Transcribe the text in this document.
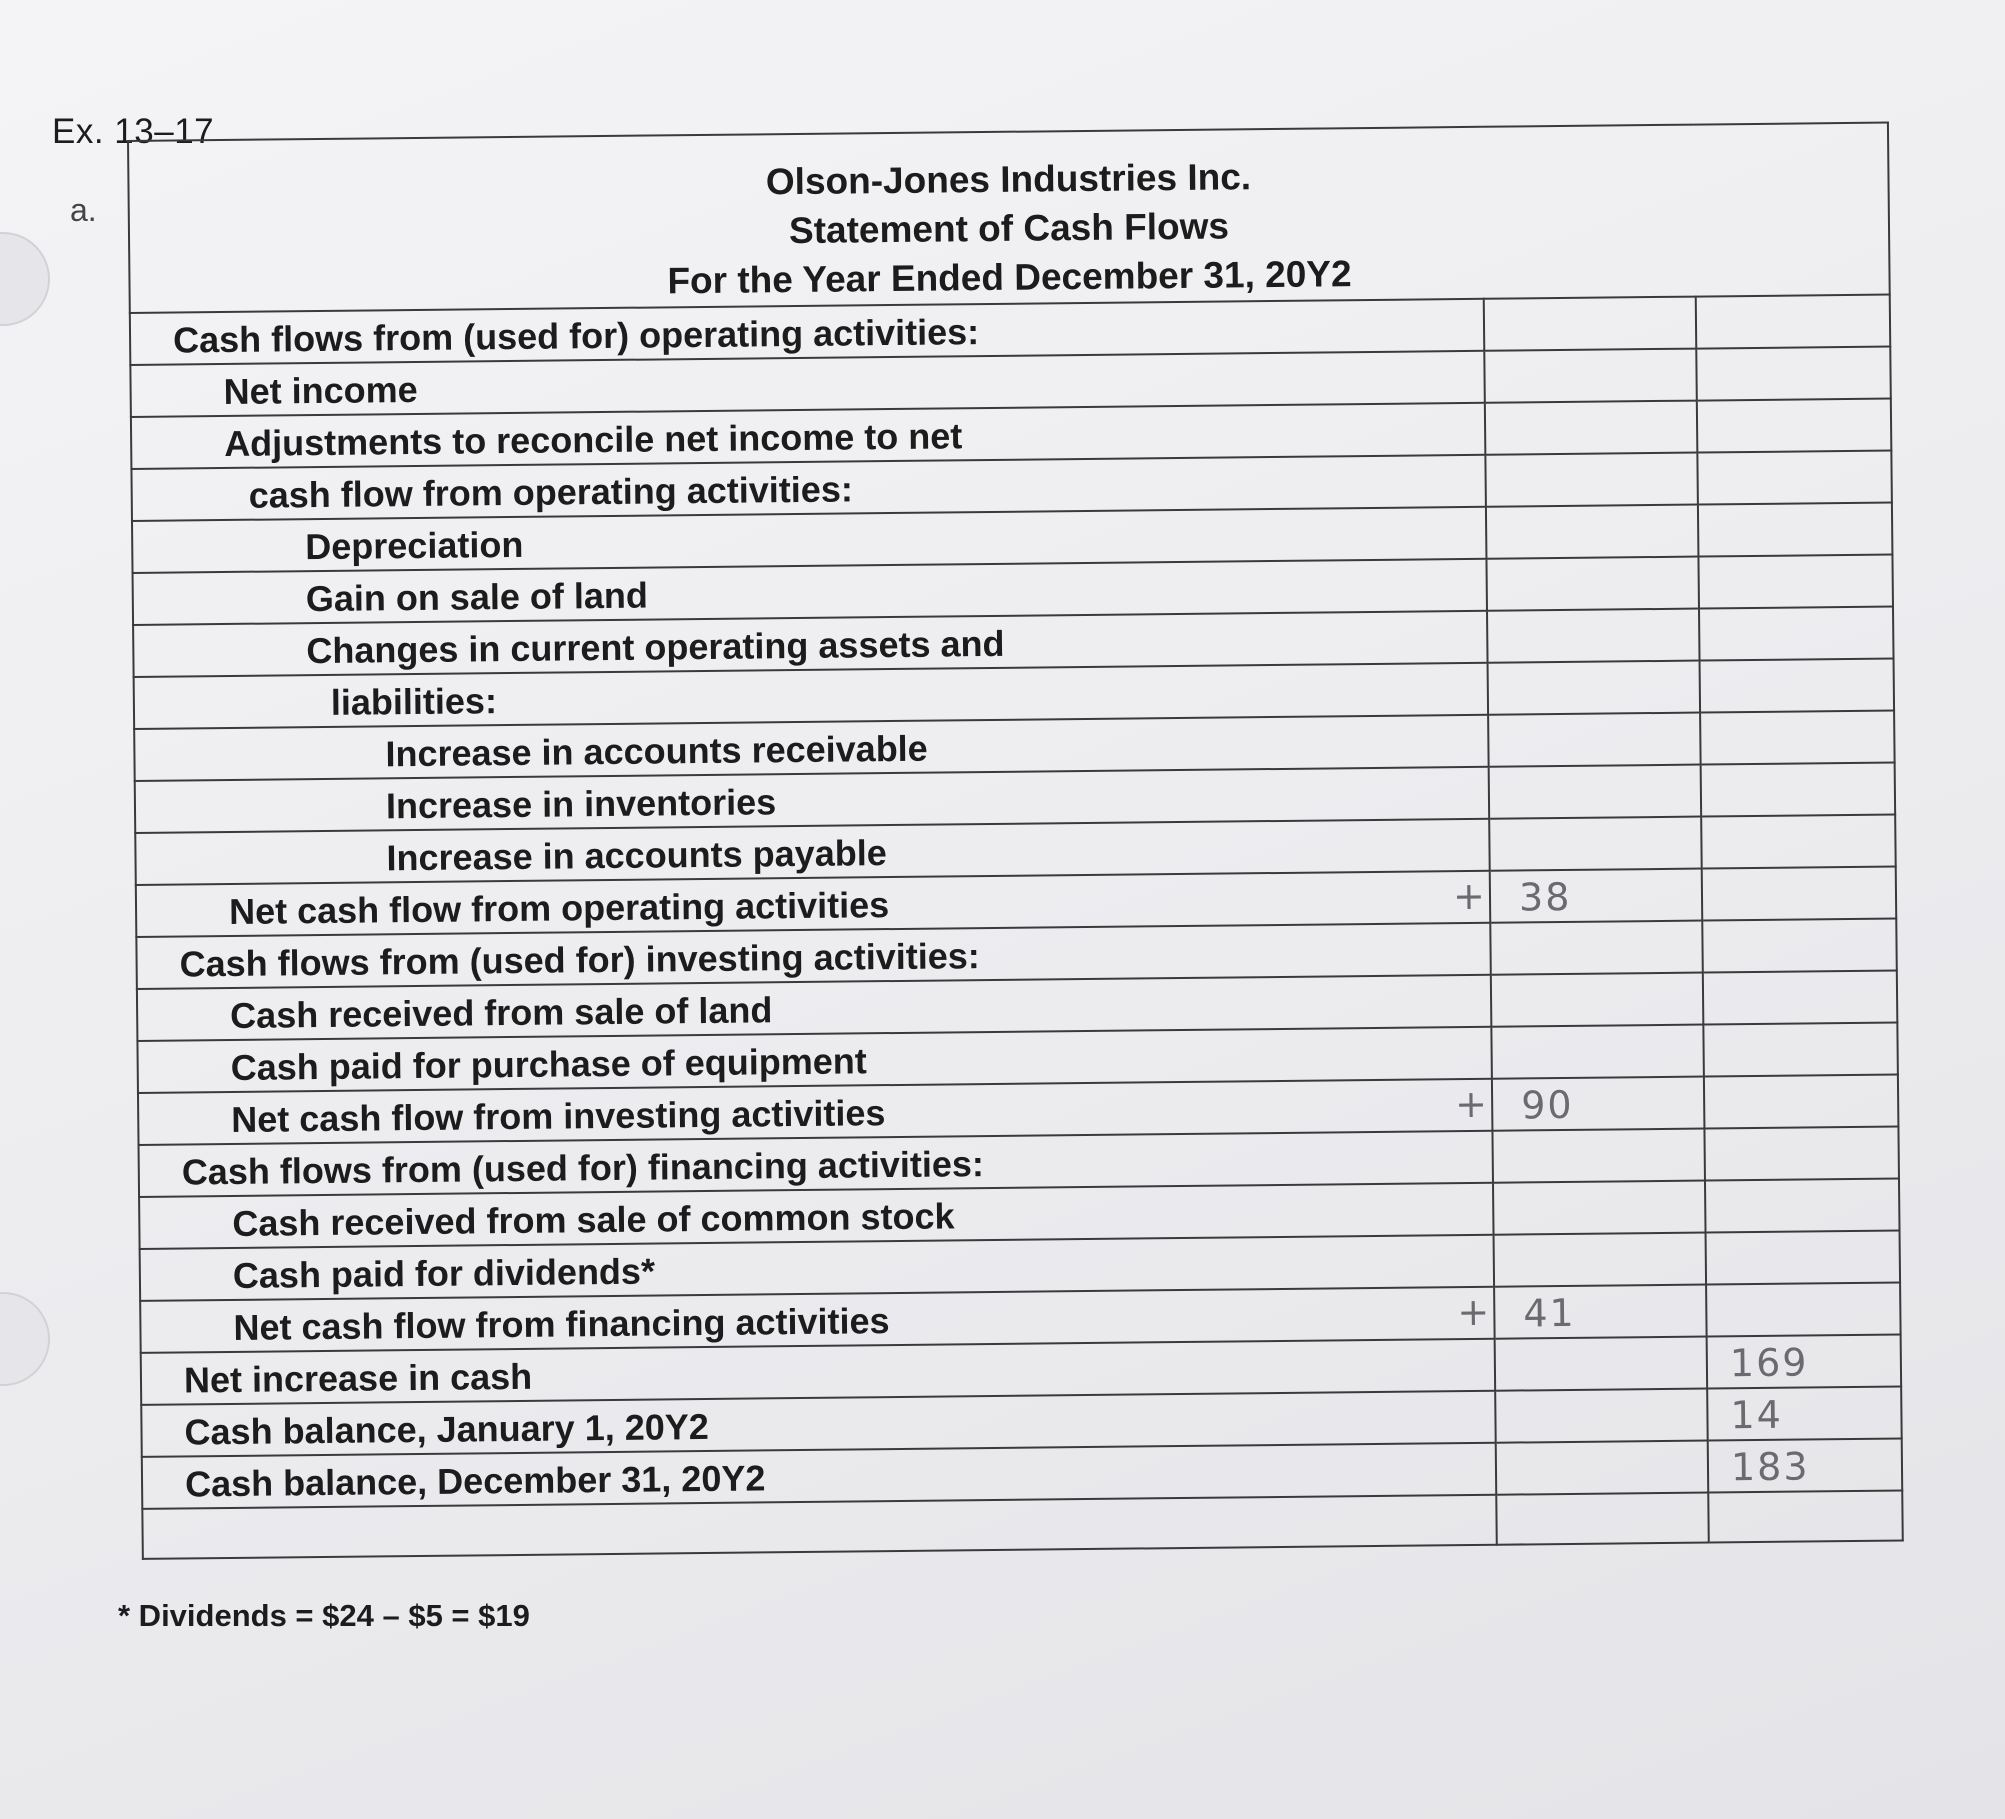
Ex. 13–17
a.
Olson-Jones Industries Inc.
Statement of Cash Flows
For the Year Ended December 31, 20Y2		

Cash flows from (used for) operating activities:		
Net income		
Adjustments to reconcile net income to net		
cash flow from operating activities:		
Depreciation		
Gain on sale of land		
Changes in current operating assets and		
liabilities:		
Increase in accounts receivable		
Increase in inventories		
Increase in accounts payable		
Net cash flow from operating activities	+ 38	

Cash flows from (used for) investing activities:		
Cash received from sale of land		
Cash paid for purchase of equipment		
Net cash flow from investing activities	+ 90	

Cash flows from (used for) financing activities:		
Cash received from sale of common stock		
Cash paid for dividends*		
Net cash flow from financing activities	+ 41	

Net increase in cash		169

Cash balance, January 1, 20Y2		14

Cash balance, December 31, 20Y2		183

* Dividends = $24 – $5 = $19
